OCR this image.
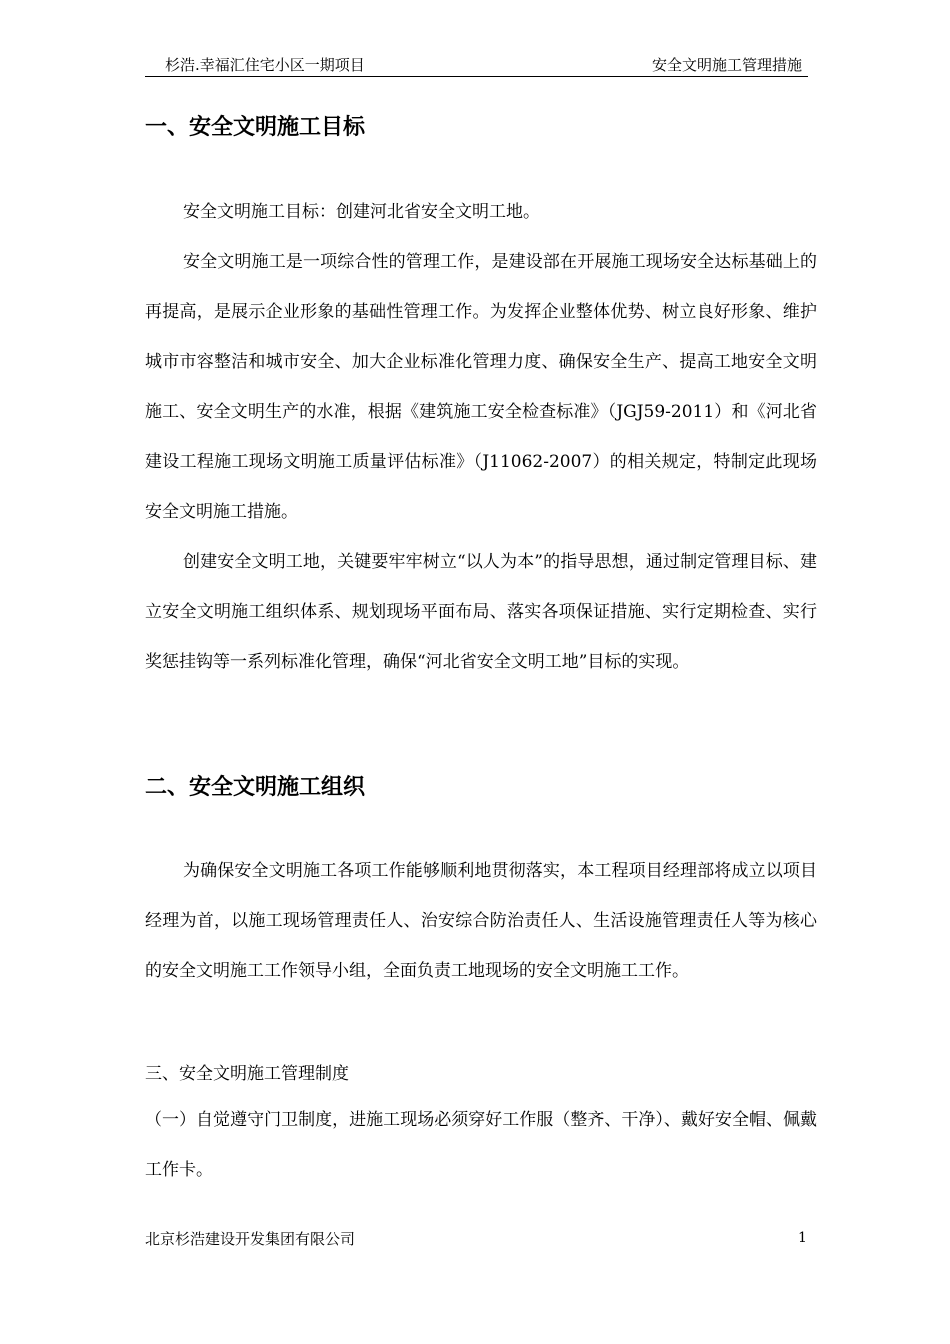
杉浩.幸福汇住宅小区一期项目	安全文明施工管理措施
一、安全文明施工目标

安全文明施工目标：创建河北省安全文明工地。

安全文明施工是一项综合性的管理工作，是建设部在开展施工现场安全达标基础上的再提高，是展示企业形象的基础性管理工作。为发挥企业整体优势、树立良好形象、维护城市市容整洁和城市安全、加大企业标准化管理力度、确保安全生产、提高工地安全文明施工、安全文明生产的水准，根据《建筑施工安全检查标准》（JGJ59-2011）和《河北省建设工程施工现场文明施工质量评估标准》（J11062-2007）的相关规定，特制定此现场安全文明施工措施。

创建安全文明工地，关键要牢牢树立“以人为本”的指导思想，通过制定管理目标、建立安全文明施工组织体系、规划现场平面布局、落实各项保证措施、实行定期检查、实行奖惩挂钩等一系列标准化管理，确保“河北省安全文明工地”目标的实现。

二、安全文明施工组织

为确保安全文明施工各项工作能够顺利地贯彻落实，本工程项目经理部将成立以项目经理为首，以施工现场管理责任人、治安综合防治责任人、生活设施管理责任人等为核心的安全文明施工工作领导小组，全面负责工地现场的安全文明施工工作。

三、安全文明施工管理制度

（一）自觉遵守门卫制度，进施工现场必须穿好工作服（整齐、干净）、戴好安全帽、佩戴工作卡。

北京杉浩建设开发集团有限公司	1
